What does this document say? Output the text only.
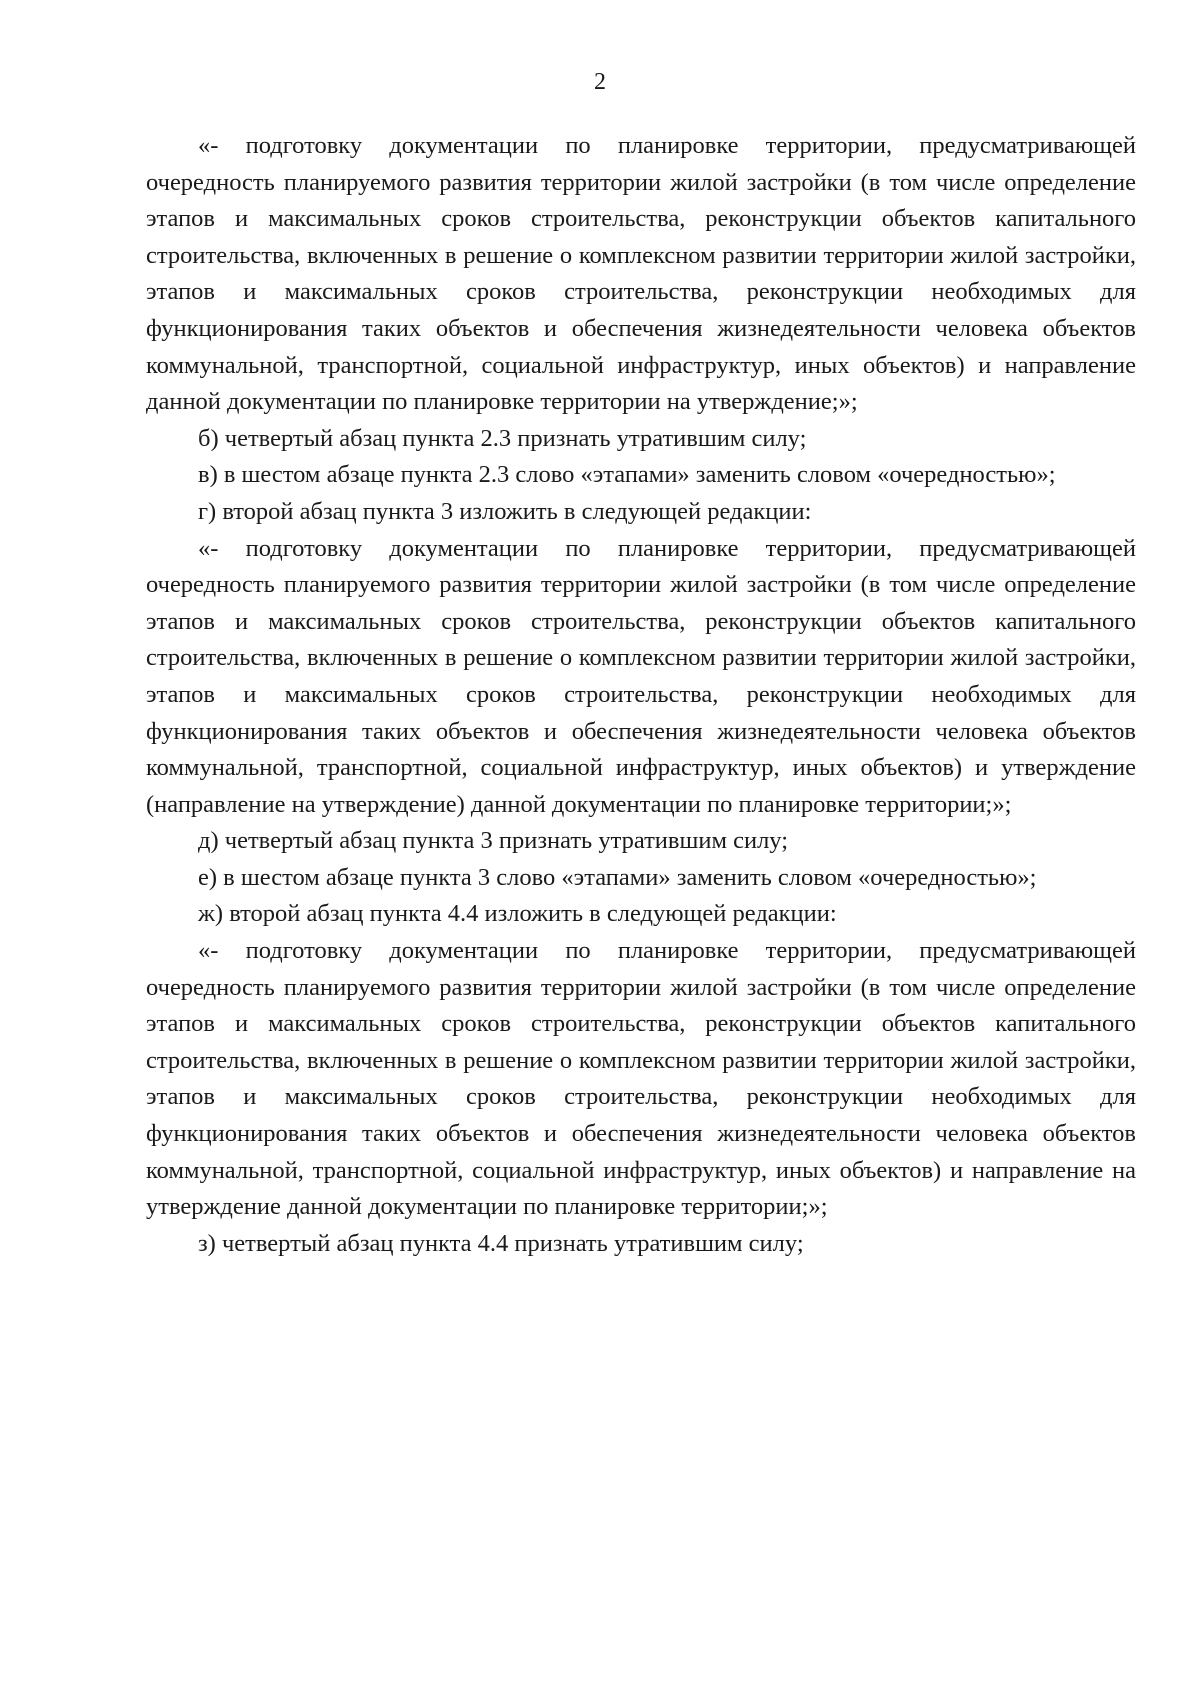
2

«- подготовку документации по планировке территории, предусматривающей очередность планируемого развития территории жилой застройки (в том числе определение этапов и максимальных сроков строительства, реконструкции объектов капитального строительства, включенных в решение о комплексном развитии территории жилой застройки, этапов и максимальных сроков строительства, реконструкции необходимых для функционирования таких объектов и обеспечения жизнедеятельности человека объектов коммунальной, транспортной, социальной инфраструктур, иных объектов) и направление данной документации по планировке территории на утверждение;»;

б) четвертый абзац пункта 2.3 признать утратившим силу;

в) в шестом абзаце пункта 2.3 слово «этапами» заменить словом «очередностью»;

г) второй абзац пункта 3 изложить в следующей редакции:

«- подготовку документации по планировке территории, предусматривающей очередность планируемого развития территории жилой застройки (в том числе определение этапов и максимальных сроков строительства, реконструкции объектов капитального строительства, включенных в решение о комплексном развитии территории жилой застройки, этапов и максимальных сроков строительства, реконструкции необходимых для функционирования таких объектов и обеспечения жизнедеятельности человека объектов коммунальной, транспортной, социальной инфраструктур, иных объектов) и утверждение (направление на утверждение) данной документации по планировке территории;»;

д) четвертый абзац пункта 3 признать утратившим силу;

е) в шестом абзаце пункта 3 слово «этапами» заменить словом «очередностью»;

ж) второй абзац пункта 4.4 изложить в следующей редакции:

«- подготовку документации по планировке территории, предусматривающей очередность планируемого развития территории жилой застройки (в том числе определение этапов и максимальных сроков строительства, реконструкции объектов капитального строительства, включенных в решение о комплексном развитии территории жилой застройки, этапов и максимальных сроков строительства, реконструкции необходимых для функционирования таких объектов и обеспечения жизнедеятельности человека объектов коммунальной, транспортной, социальной инфраструктур, иных объектов) и направление на утверждение данной документации по планировке территории;»;

з) четвертый абзац пункта 4.4 признать утратившим силу;
